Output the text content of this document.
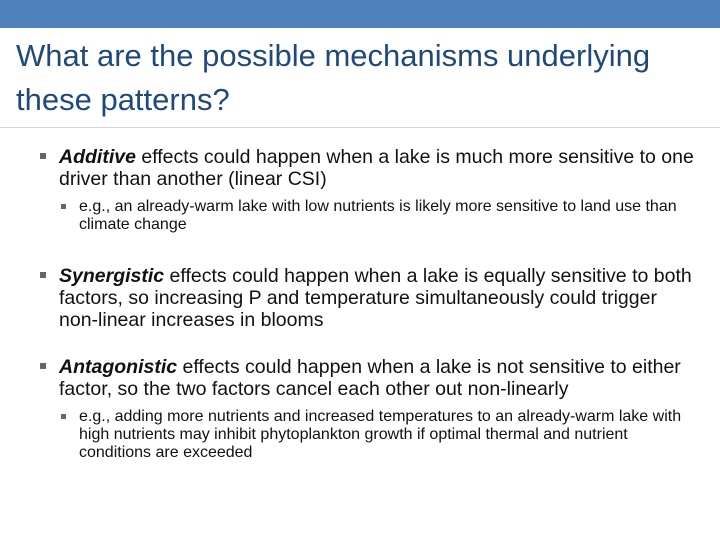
What are the possible mechanisms underlying these patterns?
Additive effects could happen when a lake is much more sensitive to one driver than another (linear CSI)
e.g., an already-warm lake with low nutrients is likely more sensitive to land use than climate change
Synergistic effects could happen when a lake is equally sensitive to both factors, so increasing P and temperature simultaneously could trigger non-linear increases in blooms
Antagonistic effects could happen when a lake is not sensitive to either factor, so the two factors cancel each other out non-linearly
e.g., adding more nutrients and increased temperatures to an already-warm lake with high nutrients may inhibit phytoplankton growth if optimal thermal and nutrient conditions are exceeded
